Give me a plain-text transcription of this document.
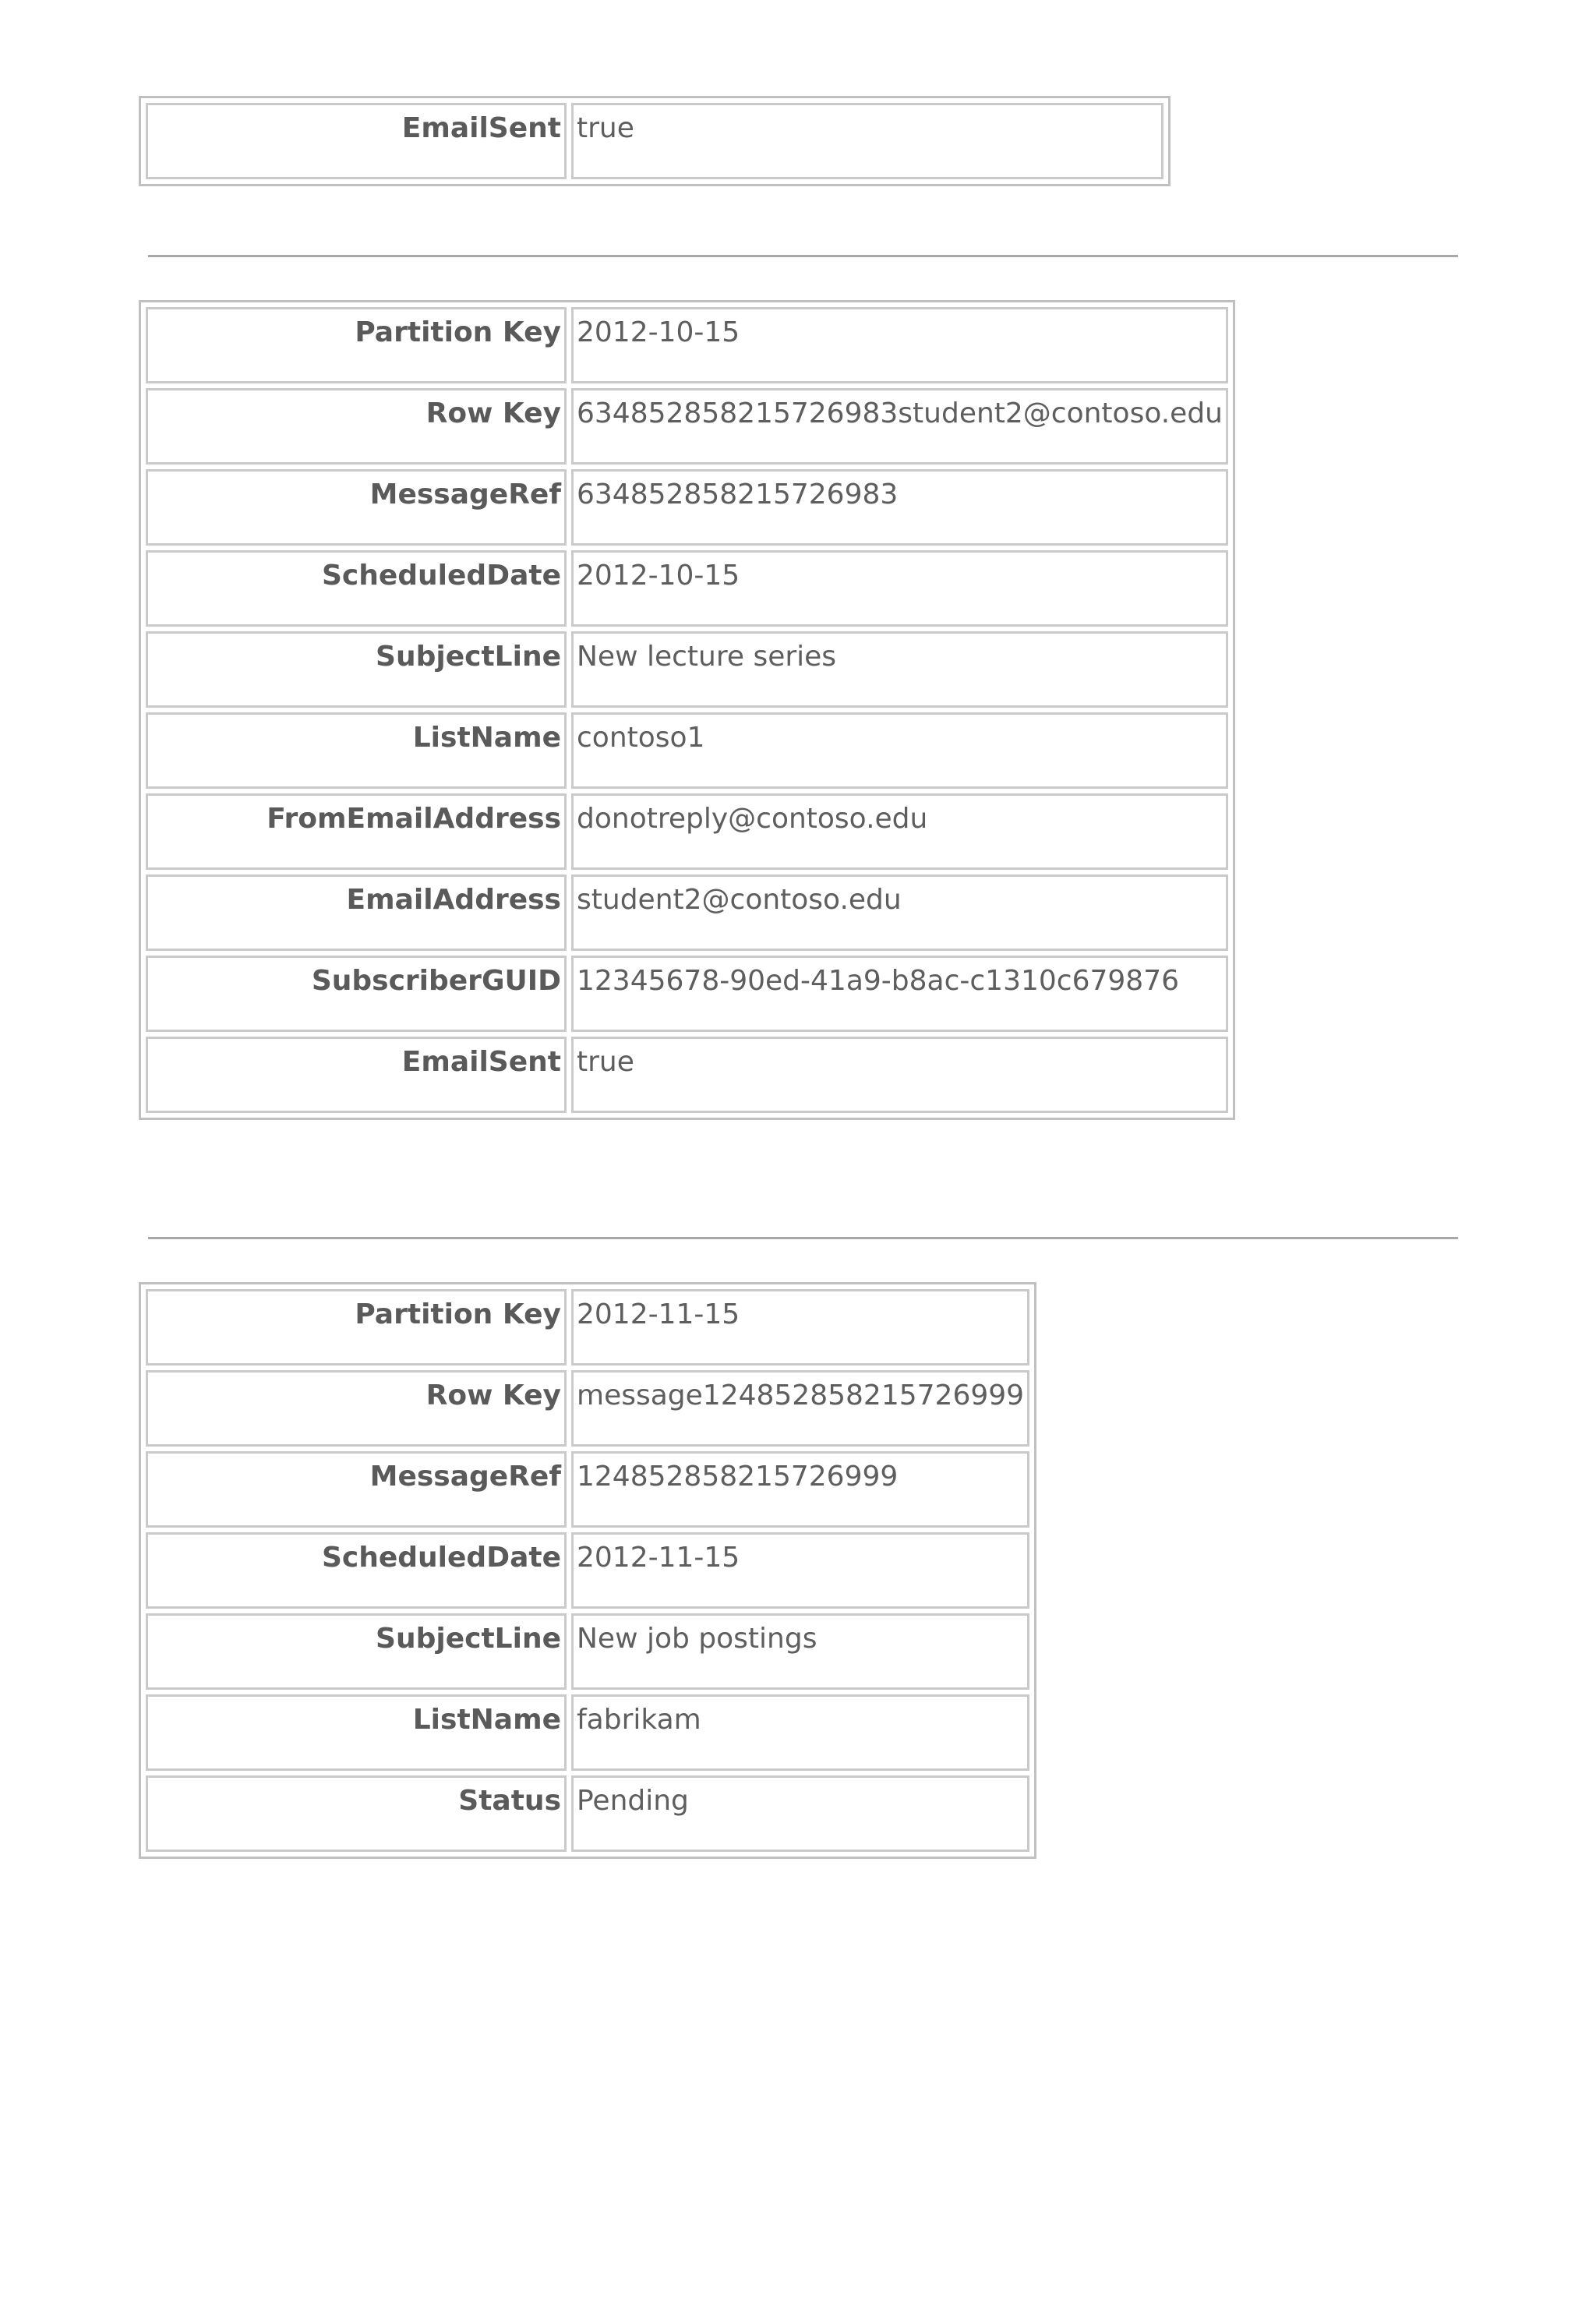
EmailSent	true
Partition Key	2012-10-15
Row Key	634852858215726983student2@contoso.edu
MessageRef	634852858215726983
ScheduledDate	2012-10-15
SubjectLine	New lecture series
ListName	contoso1
FromEmailAddress	donotreply@contoso.edu
EmailAddress	student2@contoso.edu
SubscriberGUID	12345678-90ed-41a9-b8ac-c1310c679876
EmailSent	true
Partition Key	2012-11-15
Row Key	message124852858215726999
MessageRef	124852858215726999
ScheduledDate	2012-11-15
SubjectLine	New job postings
ListName	fabrikam
Status	Pending
